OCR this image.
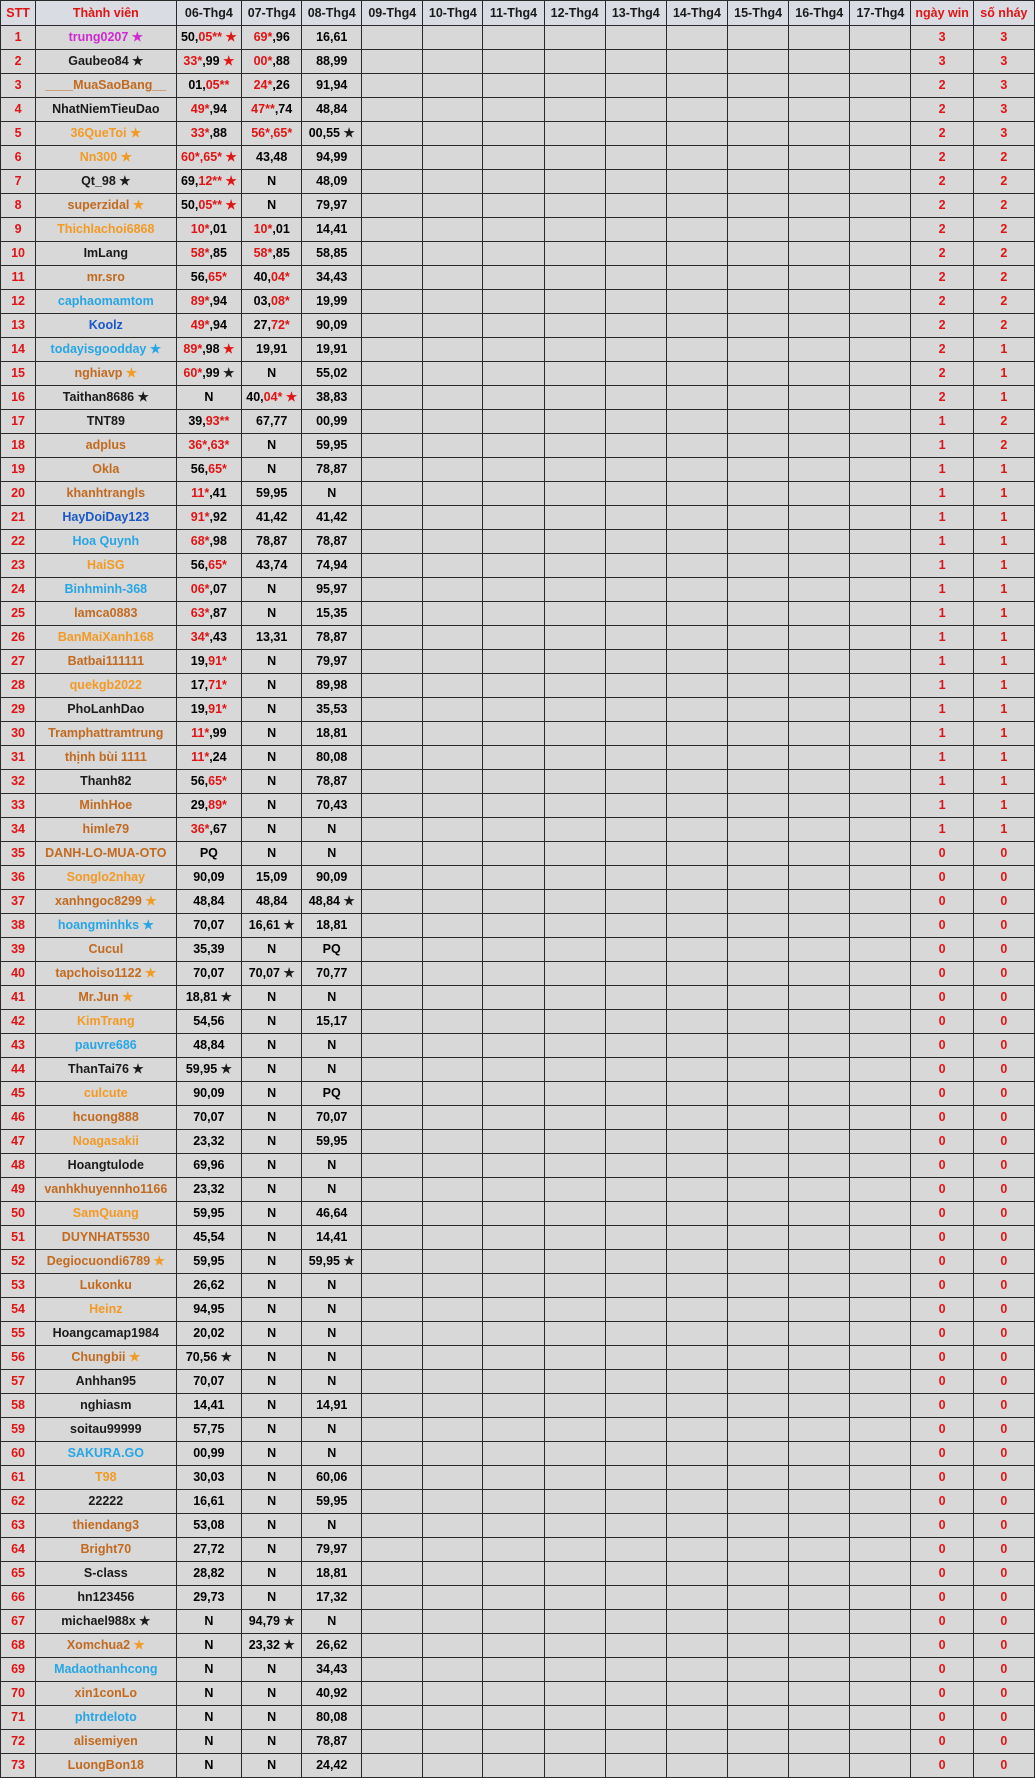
STT	Thành viên	06-Thg4	07-Thg4	08-Thg4	09-Thg4	10-Thg4	11-Thg4	12-Thg4	13-Thg4	14-Thg4	15-Thg4	16-Thg4	17-Thg4	ngày win	số nháy
1	trung0207 ★	50,05** ★	69*,96	16,61										3	3
2	Gaubeo84 ★	33*,99 ★	00*,88	88,99										3	3
3	____MuaSaoBang__	01,05**	24*,26	91,94										2	3
4	NhatNiemTieuDao	49*,94	47**,74	48,84										2	3
5	36QueToi ★	33*,88	56*,65*	00,55 ★										2	3
6	Nn300 ★	60*,65* ★	43,48	94,99										2	2
7	Qt_98 ★	69,12** ★	N	48,09										2	2
8	superzidal ★	50,05** ★	N	79,97										2	2
9	Thichlachoi6868	10*,01	10*,01	14,41										2	2
10	ImLang	58*,85	58*,85	58,85										2	2
11	mr.sro	56,65*	40,04*	34,43										2	2
12	caphaomamtom	89*,94	03,08*	19,99										2	2
13	Koolz	49*,94	27,72*	90,09										2	2
14	todayisgoodday ★	89*,98 ★	19,91	19,91										2	1
15	nghiavp ★	60*,99 ★	N	55,02										2	1
16	Taithan8686 ★	N	40,04* ★	38,83										2	1
17	TNT89	39,93**	67,77	00,99										1	2
18	adplus	36*,63*	N	59,95										1	2
19	Okla	56,65*	N	78,87										1	1
20	khanhtrangls	11*,41	59,95	N										1	1
21	HayDoiDay123	91*,92	41,42	41,42										1	1
22	Hoa Quynh	68*,98	78,87	78,87										1	1
23	HaiSG	56,65*	43,74	74,94										1	1
24	Binhminh-368	06*,07	N	95,97										1	1
25	lamca0883	63*,87	N	15,35										1	1
26	BanMaiXanh168	34*,43	13,31	78,87										1	1
27	Batbai111111	19,91*	N	79,97										1	1
28	quekgb2022	17,71*	N	89,98										1	1
29	PhoLanhDao	19,91*	N	35,53										1	1
30	Tramphattramtrung	11*,99	N	18,81										1	1
31	thịnh bùi 1111	11*,24	N	80,08										1	1
32	Thanh82	56,65*	N	78,87										1	1
33	MinhHoe	29,89*	N	70,43										1	1
34	himle79	36*,67	N	N										1	1
35	DANH-LO-MUA-OTO	PQ	N	N										0	0
36	Songlo2nhay	90,09	15,09	90,09										0	0
37	xanhngoc8299 ★	48,84	48,84	48,84 ★										0	0
38	hoangminhks ★	70,07	16,61 ★	18,81										0	0
39	Cucul	35,39	N	PQ										0	0
40	tapchoiso1122 ★	70,07	70,07 ★	70,77										0	0
41	Mr.Jun ★	18,81 ★	N	N										0	0
42	KimTrang	54,56	N	15,17										0	0
43	pauvre686	48,84	N	N										0	0
44	ThanTai76 ★	59,95 ★	N	N										0	0
45	culcute	90,09	N	PQ										0	0
46	hcuong888	70,07	N	70,07										0	0
47	Noagasakii	23,32	N	59,95										0	0
48	Hoangtulode	69,96	N	N										0	0
49	vanhkhuyennho1166	23,32	N	N										0	0
50	SamQuang	59,95	N	46,64										0	0
51	DUYNHAT5530	45,54	N	14,41										0	0
52	Degiocuondi6789 ★	59,95	N	59,95 ★										0	0
53	Lukonku	26,62	N	N										0	0
54	Heinz	94,95	N	N										0	0
55	Hoangcamap1984	20,02	N	N										0	0
56	Chungbii ★	70,56 ★	N	N										0	0
57	Anhhan95	70,07	N	N										0	0
58	nghiasm	14,41	N	14,91										0	0
59	soitau99999	57,75	N	N										0	0
60	SAKURA.GO	00,99	N	N										0	0
61	T98	30,03	N	60,06										0	0
62	22222	16,61	N	59,95										0	0
63	thiendang3	53,08	N	N										0	0
64	Bright70	27,72	N	79,97										0	0
65	S-class	28,82	N	18,81										0	0
66	hn123456	29,73	N	17,32										0	0
67	michael988x ★	N	94,79 ★	N										0	0
68	Xomchua2 ★	N	23,32 ★	26,62										0	0
69	Madaothanhcong	N	N	34,43										0	0
70	xin1conLo	N	N	40,92										0	0
71	phtrdeloto	N	N	80,08										0	0
72	alisemiyen	N	N	78,87										0	0
73	LuongBon18	N	N	24,42										0	0
